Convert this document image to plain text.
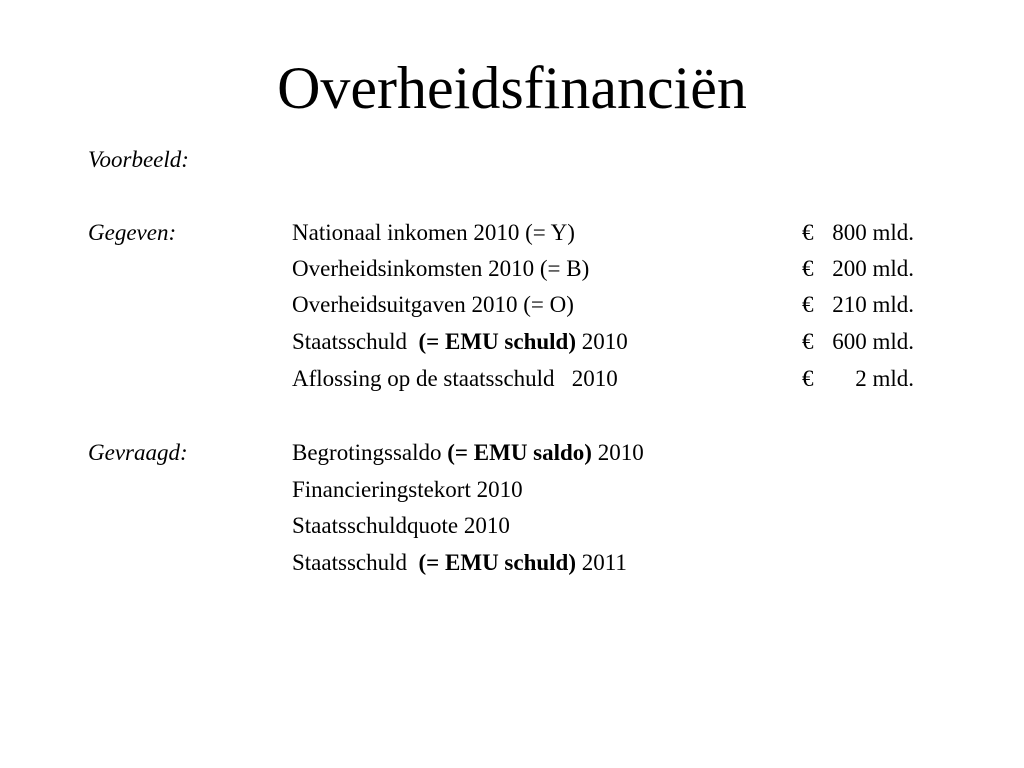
Overheidsfinanciën
Voorbeeld:
Gegeven:	Nationaal inkomen 2010 (= Y)	€ 800 mld.
Overheidsinkomsten 2010 (= B)	€ 200 mld.
Overheidsuitgaven 2010 (= O)	€ 210 mld.
Staatsschuld  (= EMU schuld) 2010	€ 600 mld.
Aflossing op de staatsschuld   2010	€ 2 mld.
Gevraagd:	Begrotingssaldo (= EMU saldo) 2010
Financieringstekort 2010
Staatsschuldquote 2010
Staatsschuld  (= EMU schuld) 2011
